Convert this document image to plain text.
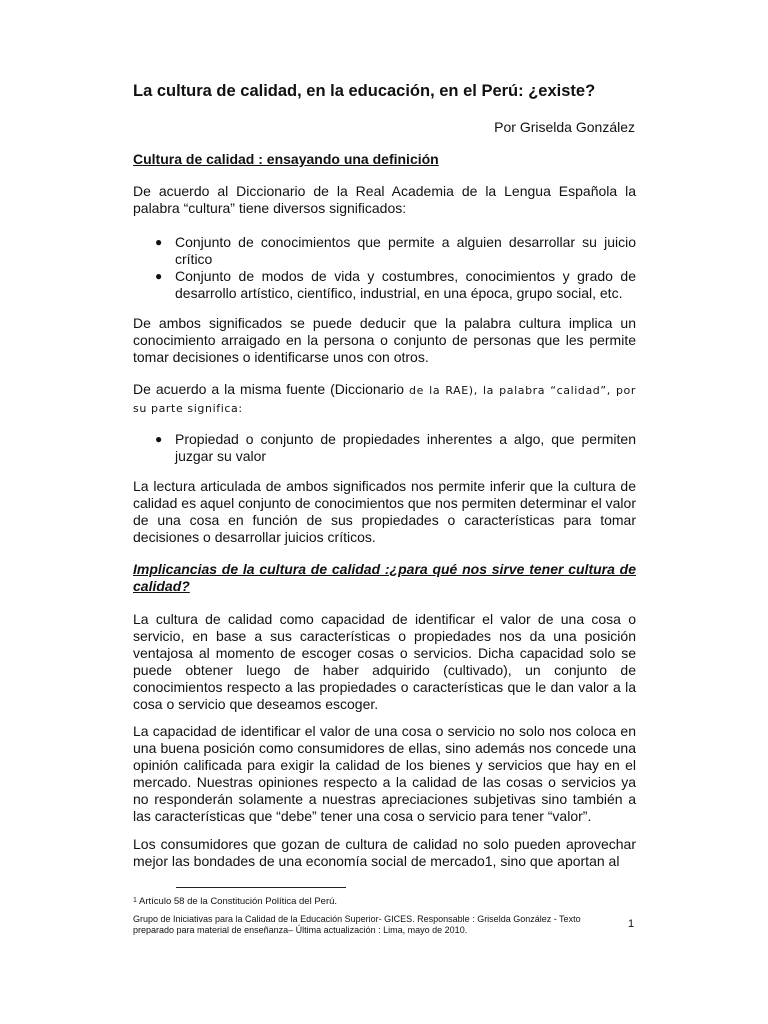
La cultura de calidad, en la educación, en el Perú: ¿existe?

Por Griselda González

Cultura de calidad : ensayando una definición

De acuerdo al Diccionario de la Real Academia de la Lengua Española la palabra “cultura” tiene diversos significados:

● Conjunto de conocimientos que permite a alguien desarrollar su juicio crítico
● Conjunto de modos de vida y costumbres, conocimientos y grado de desarrollo artístico, científico, industrial, en una época, grupo social, etc.

De ambos significados se puede deducir que la palabra cultura implica un conocimiento arraigado en la persona o conjunto de personas que les permite tomar decisiones o identificarse unos con otros.

De acuerdo a la misma fuente (Diccionario de la RAE), la palabra “calidad”, por su parte significa:

● Propiedad o conjunto de propiedades inherentes a algo, que permiten juzgar su valor

La lectura articulada de ambos significados nos permite inferir que la cultura de calidad es aquel conjunto de conocimientos que nos permiten determinar el valor de una cosa en función de sus propiedades o características para tomar decisiones o desarrollar juicios críticos.

Implicancias de la cultura de calidad :¿para qué nos sirve tener cultura de calidad?

La cultura de calidad como capacidad de identificar el valor de una cosa o servicio, en base a sus características o propiedades nos da una posición ventajosa al momento de escoger cosas o servicios. Dicha capacidad solo se puede obtener luego de haber adquirido (cultivado), un conjunto de conocimientos respecto a las propiedades o características que le dan valor a la cosa o servicio que deseamos escoger.

La capacidad de identificar el valor de una cosa o servicio no solo nos coloca en una buena posición como consumidores de ellas, sino además nos concede una opinión calificada para exigir la calidad de los bienes y servicios que hay en el mercado. Nuestras opiniones respecto a la calidad de las cosas o servicios ya no responderán solamente a nuestras apreciaciones subjetivas sino también a las características que “debe” tener una cosa o servicio para tener “valor”.

Los consumidores que gozan de cultura de calidad no solo pueden aprovechar mejor las bondades de una economía social de mercado1, sino que aportan al

$^1$ Artículo 58 de la Constitución Política del Perú.

Grupo de Iniciativas para la Calidad de la Educación Superior- GICES. Responsable : Griselda González - Texto preparado para material de enseñanza– Última actualización : Lima, mayo de 2010.	1
